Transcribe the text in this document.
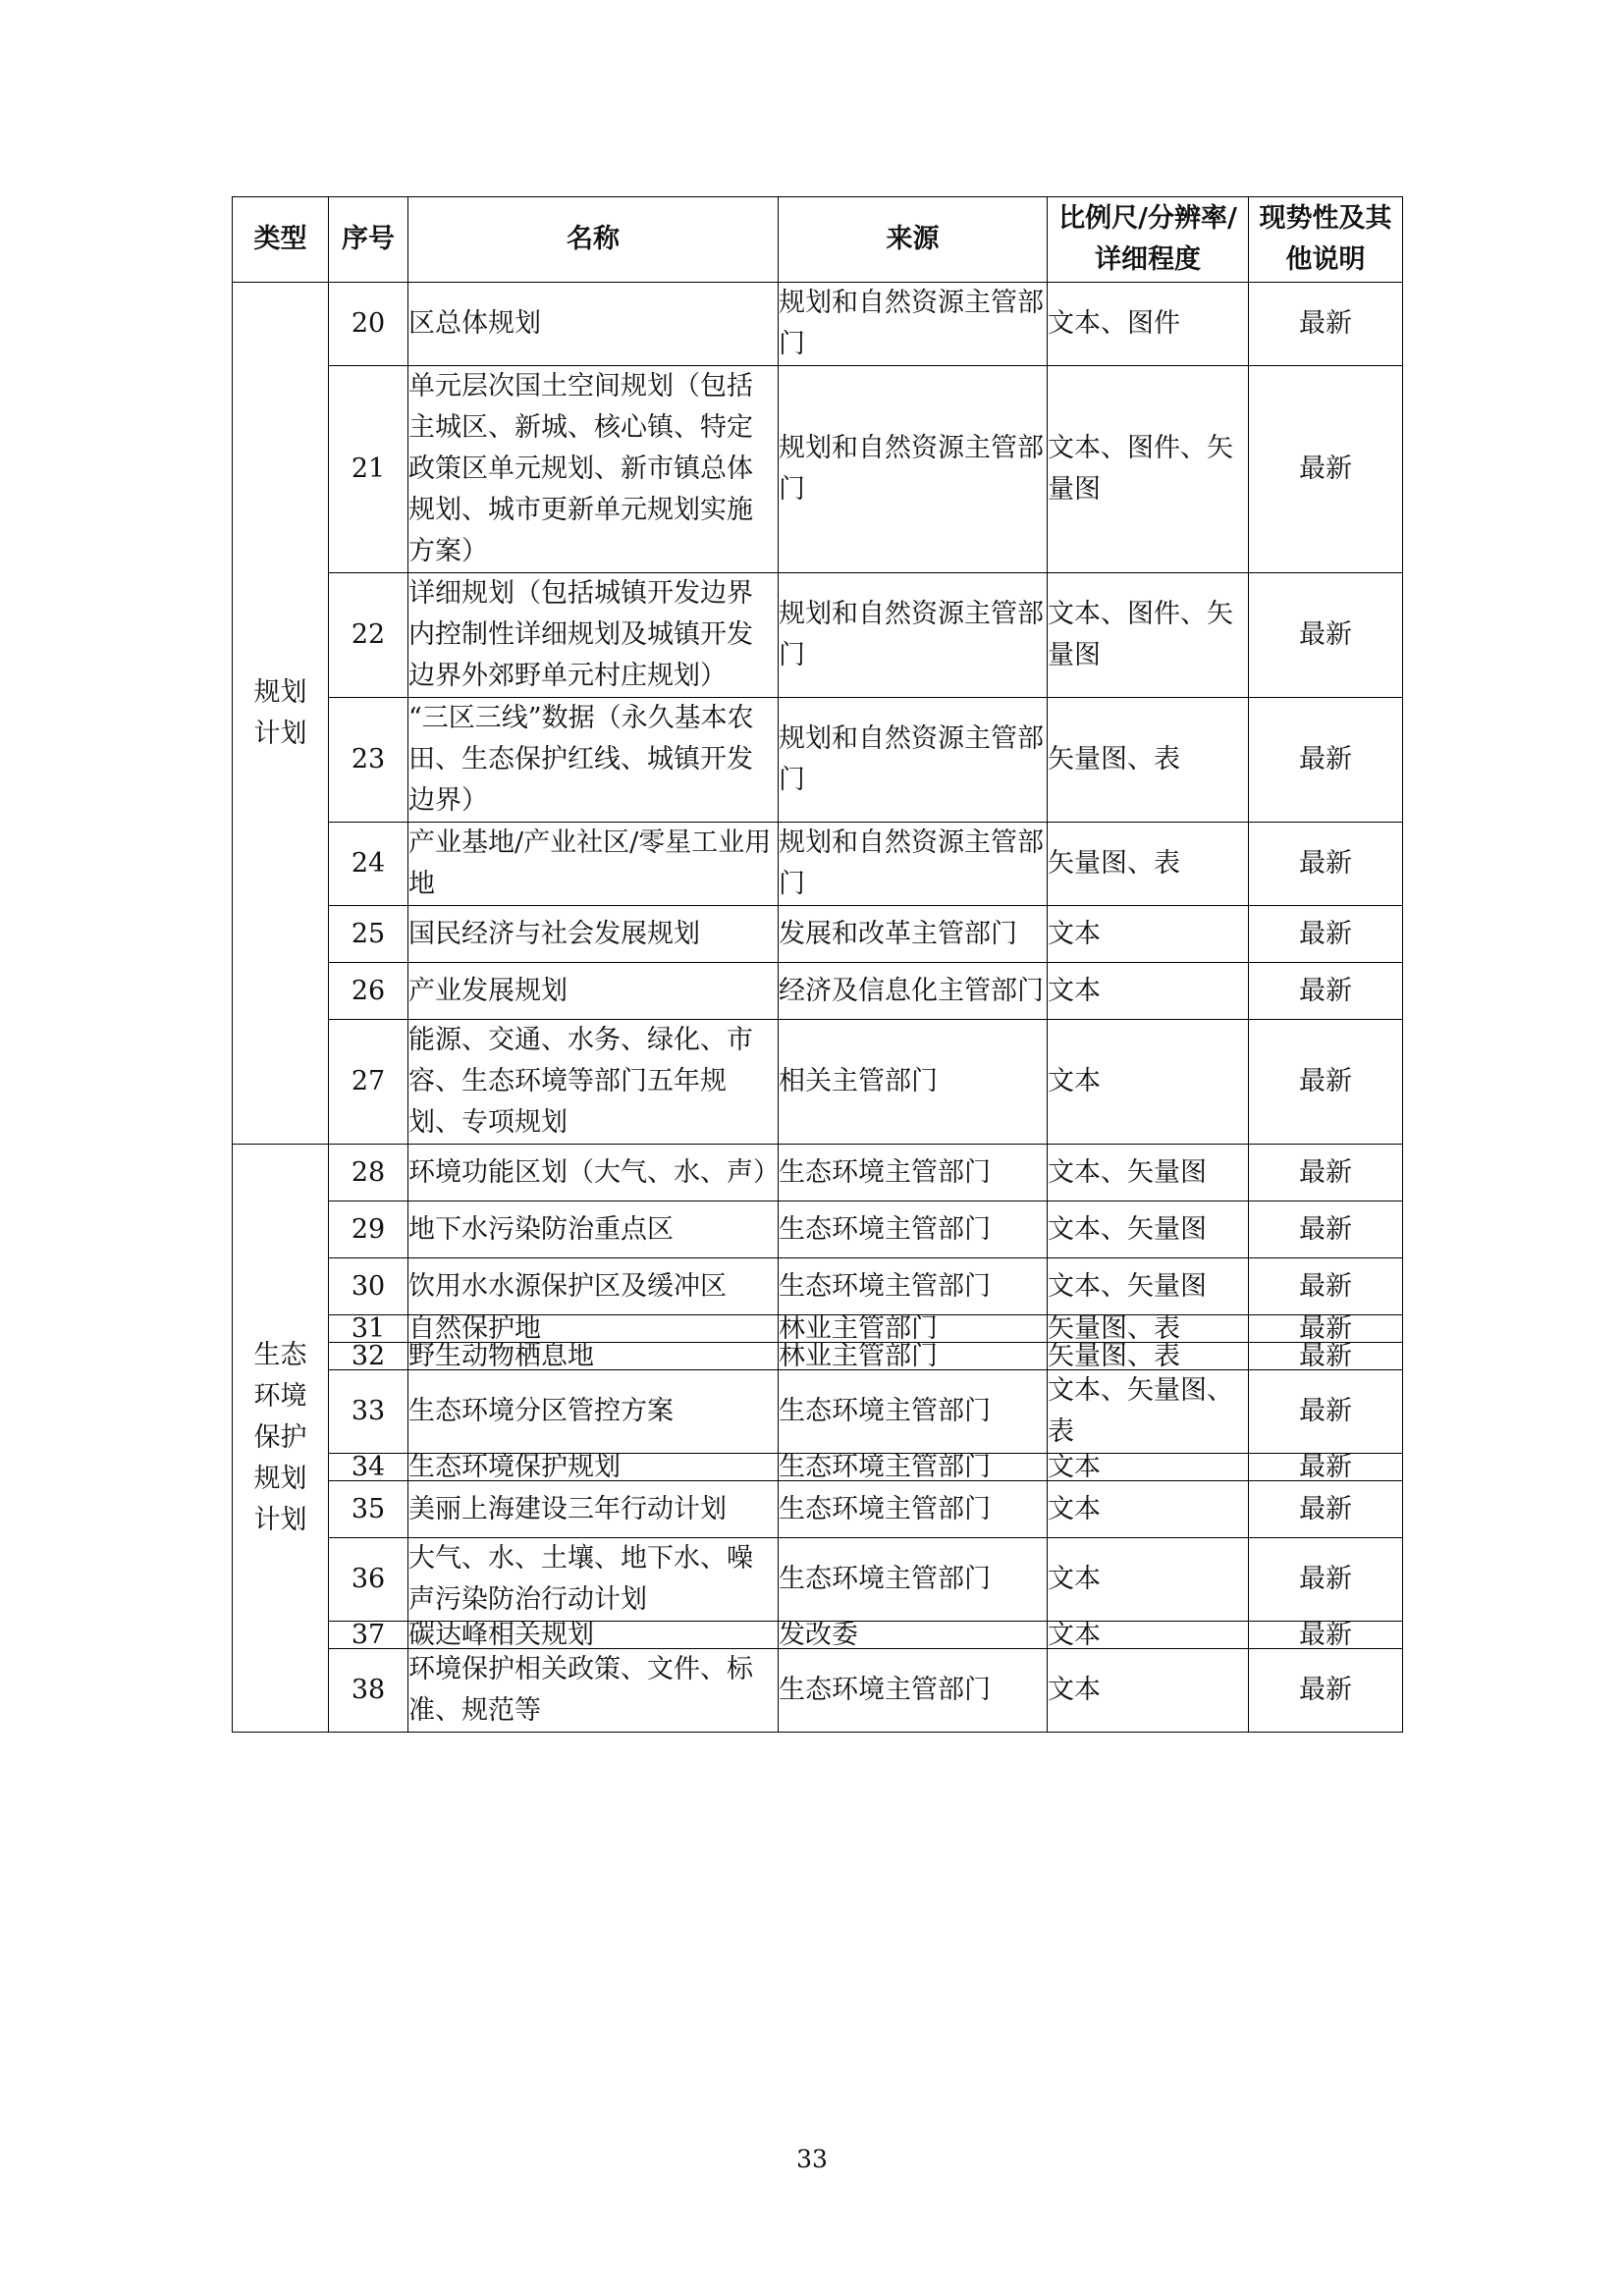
类型	序号	名称	来源	比例尺/分辨率/详细程度	现势性及其他说明
规划计划	20	区总体规划	规划和自然资源主管部门	文本、图件	最新
	21	单元层次国土空间规划（包括主城区、新城、核心镇、特定政策区单元规划、新市镇总体规划、城市更新单元规划实施方案）	规划和自然资源主管部门	文本、图件、矢量图	最新
	22	详细规划（包括城镇开发边界内控制性详细规划及城镇开发边界外郊野单元村庄规划）	规划和自然资源主管部门	文本、图件、矢量图	最新
	23	“三区三线”数据（永久基本农田、生态保护红线、城镇开发边界）	规划和自然资源主管部门	矢量图、表	最新
	24	产业基地/产业社区/零星工业用地	规划和自然资源主管部门	矢量图、表	最新
	25	国民经济与社会发展规划	发展和改革主管部门	文本	最新
	26	产业发展规划	经济及信息化主管部门	文本	最新
	27	能源、交通、水务、绿化、市容、生态环境等部门五年规划、专项规划	相关主管部门	文本	最新
生态环境保护规划计划	28	环境功能区划（大气、水、声）	生态环境主管部门	文本、矢量图	最新
	29	地下水污染防治重点区	生态环境主管部门	文本、矢量图	最新
	30	饮用水水源保护区及缓冲区	生态环境主管部门	文本、矢量图	最新
	31	自然保护地	林业主管部门	矢量图、表	最新
	32	野生动物栖息地	林业主管部门	矢量图、表	最新
	33	生态环境分区管控方案	生态环境主管部门	文本、矢量图、表	最新
	34	生态环境保护规划	生态环境主管部门	文本	最新
	35	美丽上海建设三年行动计划	生态环境主管部门	文本	最新
	36	大气、水、土壤、地下水、噪声污染防治行动计划	生态环境主管部门	文本	最新
	37	碳达峰相关规划	发改委	文本	最新
	38	环境保护相关政策、文件、标准、规范等	生态环境主管部门	文本	最新
33
